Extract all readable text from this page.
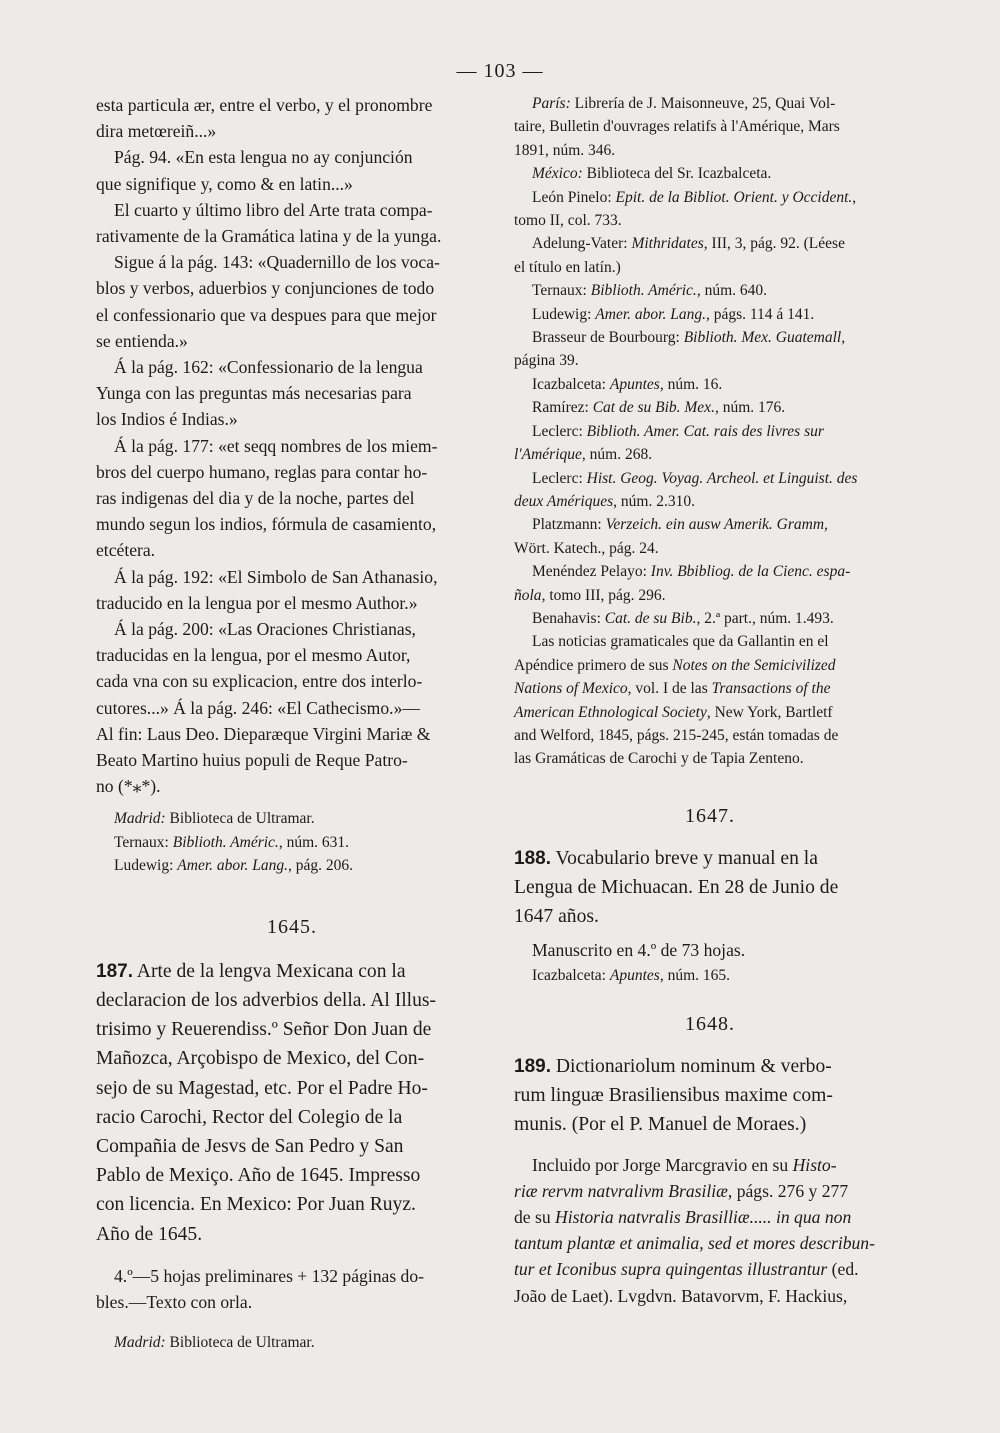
— 103 —

esta particula ær, entre el verbo, y el pronombre
dira metœreiñ...»

Pág. 94. «En esta lengua no ay conjunción
que signifique y, como & en latin...»

El cuarto y último libro del Arte trata compa-
rativamente de la Gramática latina y de la yunga.

Sigue á la pág. 143: «Quadernillo de los voca-
blos y verbos, aduerbios y conjunciones de todo
el confessionario que va despues para que mejor
se entienda.»

Á la pág. 162: «Confessionario de la lengua
Yunga con las preguntas más necesarias para
los Indios é Indias.»

Á la pág. 177: «et seqq nombres de los miem-
bros del cuerpo humano, reglas para contar ho-
ras indigenas del dia y de la noche, partes del
mundo segun los indios, fórmula de casamiento,
etcétera.

Á la pág. 192: «El Simbolo de San Athanasio,
traducido en la lengua por el mesmo Author.»

Á la pág. 200: «Las Oraciones Christianas,
traducidas en la lengua, por el mesmo Autor,
cada vna con su explicacion, entre dos interlo-
cutores...» Á la pág. 246: «El Cathecismo.»—
Al fin: Laus Deo. Dieparæque Virgini Mariæ &
Beato Martino huius populi de Reque Patro-
no (*⁎*).

Madrid: Biblioteca de Ultramar.

Ternaux: Biblioth. Améric., núm. 631.

Ludewig: Amer. abor. Lang., pág. 206.

1645.

187. Arte de la lengva Mexicana con la
declaracion de los adverbios della. Al Illus-
trisimo y Reuerendiss.º Señor Don Juan de
Mañozca, Arçobispo de Mexico, del Con-
sejo de su Magestad, etc. Por el Padre Ho-
racio Carochi, Rector del Colegio de la
Compañia de Jesvs de San Pedro y San
Pablo de Mexiço. Año de 1645. Impresso
con licencia. En Mexico: Por Juan Ruyz.
Año de 1645.

4.º—5 hojas preliminares + 132 páginas do-
bles.—Texto con orla.

Madrid: Biblioteca de Ultramar.

París: Librería de J. Maisonneuve, 25, Quai Vol-
taire, Bulletin d'ouvrages relatifs à l'Amérique, Mars
1891, núm. 346.

México: Biblioteca del Sr. Icazbalceta.

León Pinelo: Epit. de la Bibliot. Orient. y Occident.,
tomo II, col. 733.

Adelung-Vater: Mithridates, III, 3, pág. 92. (Léese
el título en latín.)

Ternaux: Biblioth. Améric., núm. 640.

Ludewig: Amer. abor. Lang., págs. 114 á 141.

Brasseur de Bourbourg: Biblioth. Mex. Guatemall,
página 39.

Icazbalceta: Apuntes, núm. 16.

Ramírez: Cat de su Bib. Mex., núm. 176.

Leclerc: Biblioth. Amer. Cat. rais des livres sur
l'Amérique, núm. 268.

Leclerc: Hist. Geog. Voyag. Archeol. et Linguist. des
deux Amériques, núm. 2.310.

Platzmann: Verzeich. ein ausw Amerik. Gramm,
Wört. Katech., pág. 24.

Menéndez Pelayo: Inv. Bbibliog. de la Cienc. espa-
ñola, tomo III, pág. 296.

Benahavis: Cat. de su Bib., 2.ª part., núm. 1.493.

Las noticias gramaticales que da Gallantin en el
Apéndice primero de sus Notes on the Semicivilized
Nations of Mexico, vol. I de las Transactions of the
American Ethnological Society, New York, Bartletf
and Welford, 1845, págs. 215-245, están tomadas de
las Gramáticas de Carochi y de Tapia Zenteno.

1647.

188. Vocabulario breve y manual en la
Lengua de Michuacan. En 28 de Junio de
1647 años.

Manuscrito en 4.º de 73 hojas.

Icazbalceta: Apuntes, núm. 165.

1648.

189. Dictionariolum nominum & verbo-
rum linguæ Brasiliensibus maxime com-
munis. (Por el P. Manuel de Moraes.)

Incluido por Jorge Marcgravio en su Histo-
riæ rervm natvralivm Brasiliæ, págs. 276 y 277
de su Historia natvralis Brasilliæ..... in qua non
tantum plantæ et animalia, sed et mores describun-
tur et Iconibus supra quingentas illustrantur (ed.
João de Laet). Lvgdvn. Batavorvm, F. Hackius,
